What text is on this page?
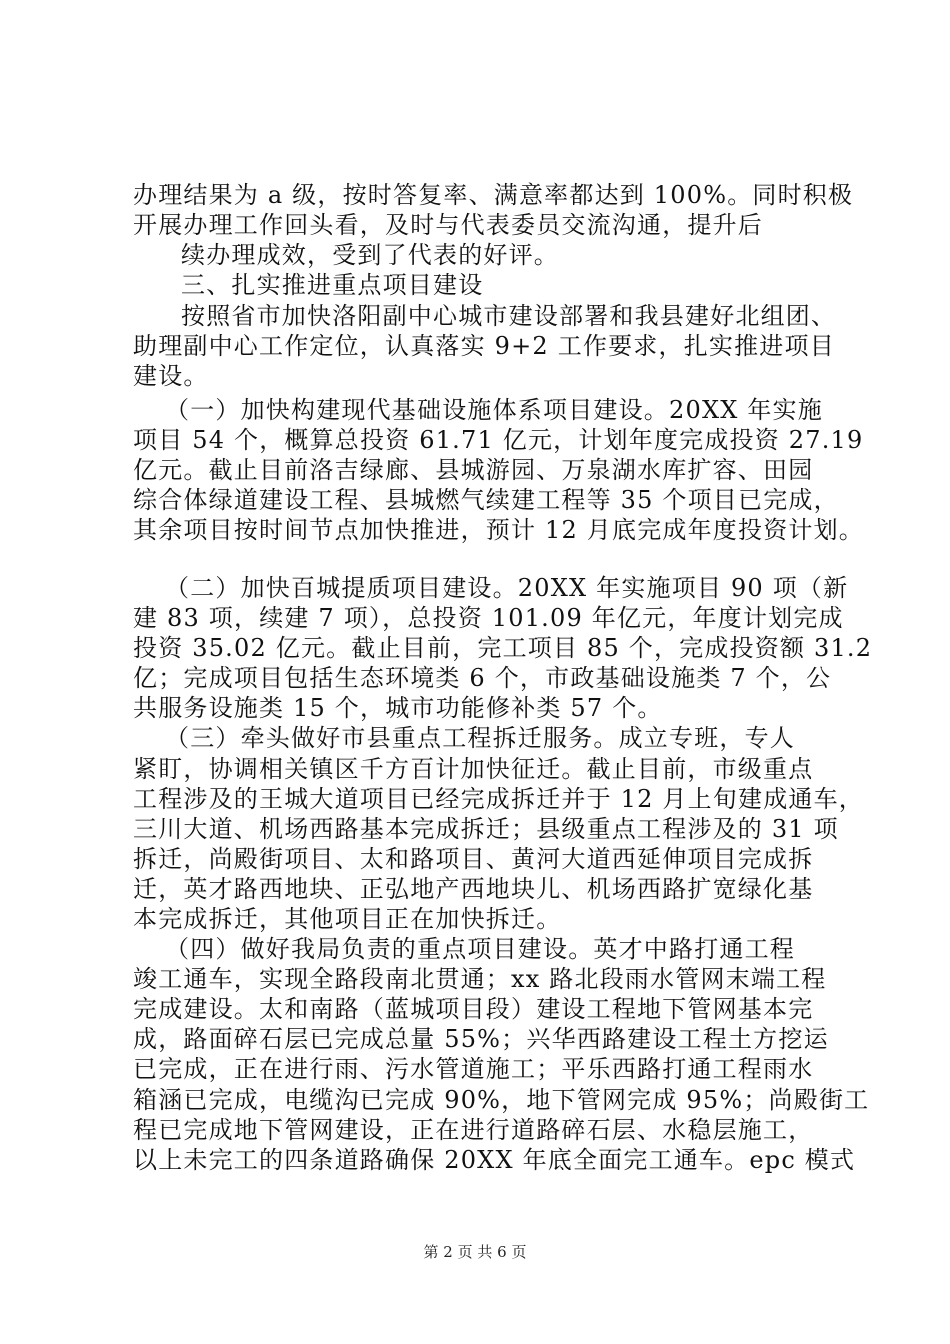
办理结果为 a 级，按时答复率、满意率都达到 100%。同时积极
开展办理工作回头看，及时与代表委员交流沟通，提升后
续办理成效，受到了代表的好评。
三、扎实推进重点项目建设
按照省市加快洛阳副中心城市建设部署和我县建好北组团、
助理副中心工作定位，认真落实 9+2 工作要求，扎实推进项目
建设。
（一）加快构建现代基础设施体系项目建设。20XX 年实施
项目 54 个，概算总投资 61.71 亿元，计划年度完成投资 27.19
亿元。截止目前洛吉绿廊、县城游园、万泉湖水库扩容、田园
综合体绿道建设工程、县城燃气续建工程等 35 个项目已完成，
其余项目按时间节点加快推进，预计 12 月底完成年度投资计划。
（二）加快百城提质项目建设。20XX 年实施项目 90 项（新
建 83 项，续建 7 项），总投资 101.09 年亿元，年度计划完成
投资 35.02 亿元。截止目前，完工项目 85 个，完成投资额 31.2
亿；完成项目包括生态环境类 6 个，市政基础设施类 7 个，公
共服务设施类 15 个，城市功能修补类 57 个。
（三）牵头做好市县重点工程拆迁服务。成立专班，专人
紧盯，协调相关镇区千方百计加快征迁。截止目前，市级重点
工程涉及的王城大道项目已经完成拆迁并于 12 月上旬建成通车，
三川大道、机场西路基本完成拆迁；县级重点工程涉及的 31 项
拆迁，尚殿街项目、太和路项目、黄河大道西延伸项目完成拆
迁，英才路西地块、正弘地产西地块儿、机场西路扩宽绿化基
本完成拆迁，其他项目正在加快拆迁。
（四）做好我局负责的重点项目建设。英才中路打通工程
竣工通车，实现全路段南北贯通；xx 路北段雨水管网末端工程
完成建设。太和南路（蓝城项目段）建设工程地下管网基本完
成，路面碎石层已完成总量 55%；兴华西路建设工程土方挖运
已完成，正在进行雨、污水管道施工；平乐西路打通工程雨水
箱涵已完成，电缆沟已完成 90%，地下管网完成 95%；尚殿街工
程已完成地下管网建设，正在进行道路碎石层、水稳层施工，
以上未完工的四条道路确保 20XX 年底全面完工通车。epc 模式
第 2 页 共 6 页
